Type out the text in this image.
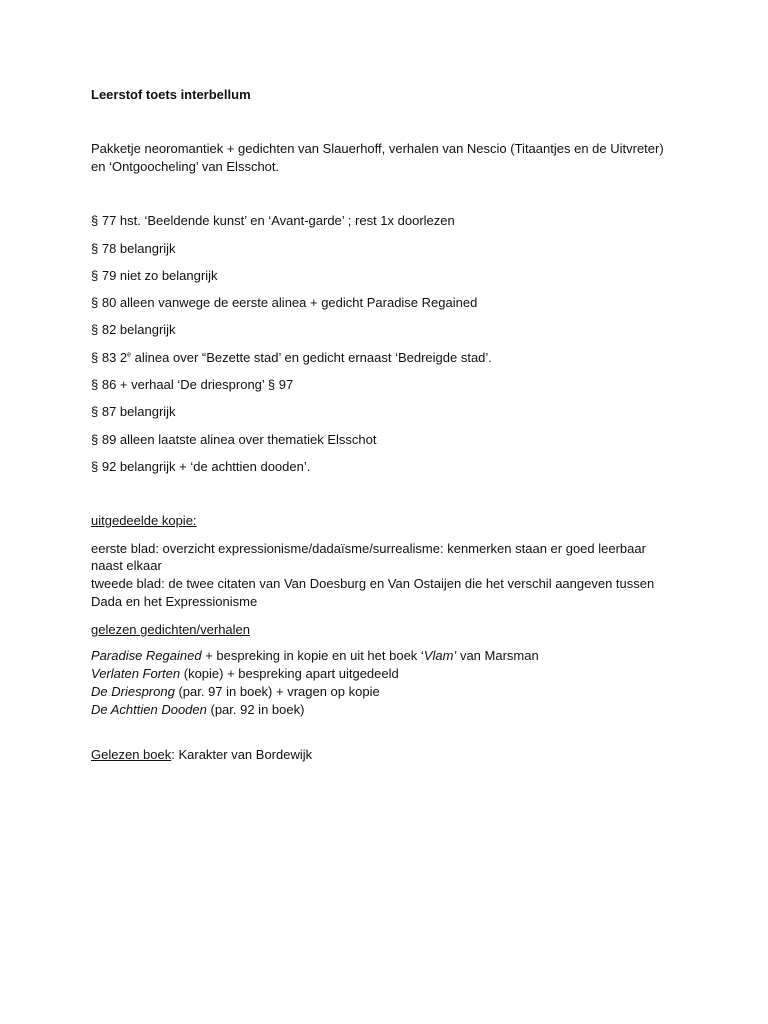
Leerstof toets interbellum
Pakketje neoromantiek + gedichten van Slauerhoff, verhalen van Nescio (Titaantjes en de Uitvreter)
en ‘Ontgoocheling’ van Elsschot.
§ 77 hst. ‘Beeldende kunst’ en ‘Avant-garde’ ; rest 1x doorlezen
§ 78 belangrijk
§ 79 niet zo belangrijk
§ 80 alleen vanwege de eerste alinea + gedicht Paradise Regained
§ 82 belangrijk
§ 83 2e alinea over “Bezette stad’ en gedicht ernaast ‘Bedreigde stad’.
§ 86 + verhaal ‘De driesprong’ § 97
§ 87 belangrijk
§ 89 alleen laatste alinea over thematiek Elsschot
§ 92 belangrijk + ‘de achttien dooden’.
uitgedeelde kopie:
eerste blad: overzicht expressionisme/dadaïsme/surrealisme: kenmerken staan er goed leerbaar
naast elkaar
tweede blad: de twee citaten van Van Doesburg en Van Ostaijen die het verschil aangeven tussen
Dada en het Expressionisme
gelezen gedichten/verhalen
Paradise Regained + bespreking in kopie en uit het boek ‘Vlam’ van Marsman
Verlaten Forten (kopie) + bespreking apart uitgedeeld
De Driesprong (par. 97 in boek) + vragen op kopie
De Achttien Dooden (par. 92 in boek)
Gelezen boek: Karakter van Bordewijk
